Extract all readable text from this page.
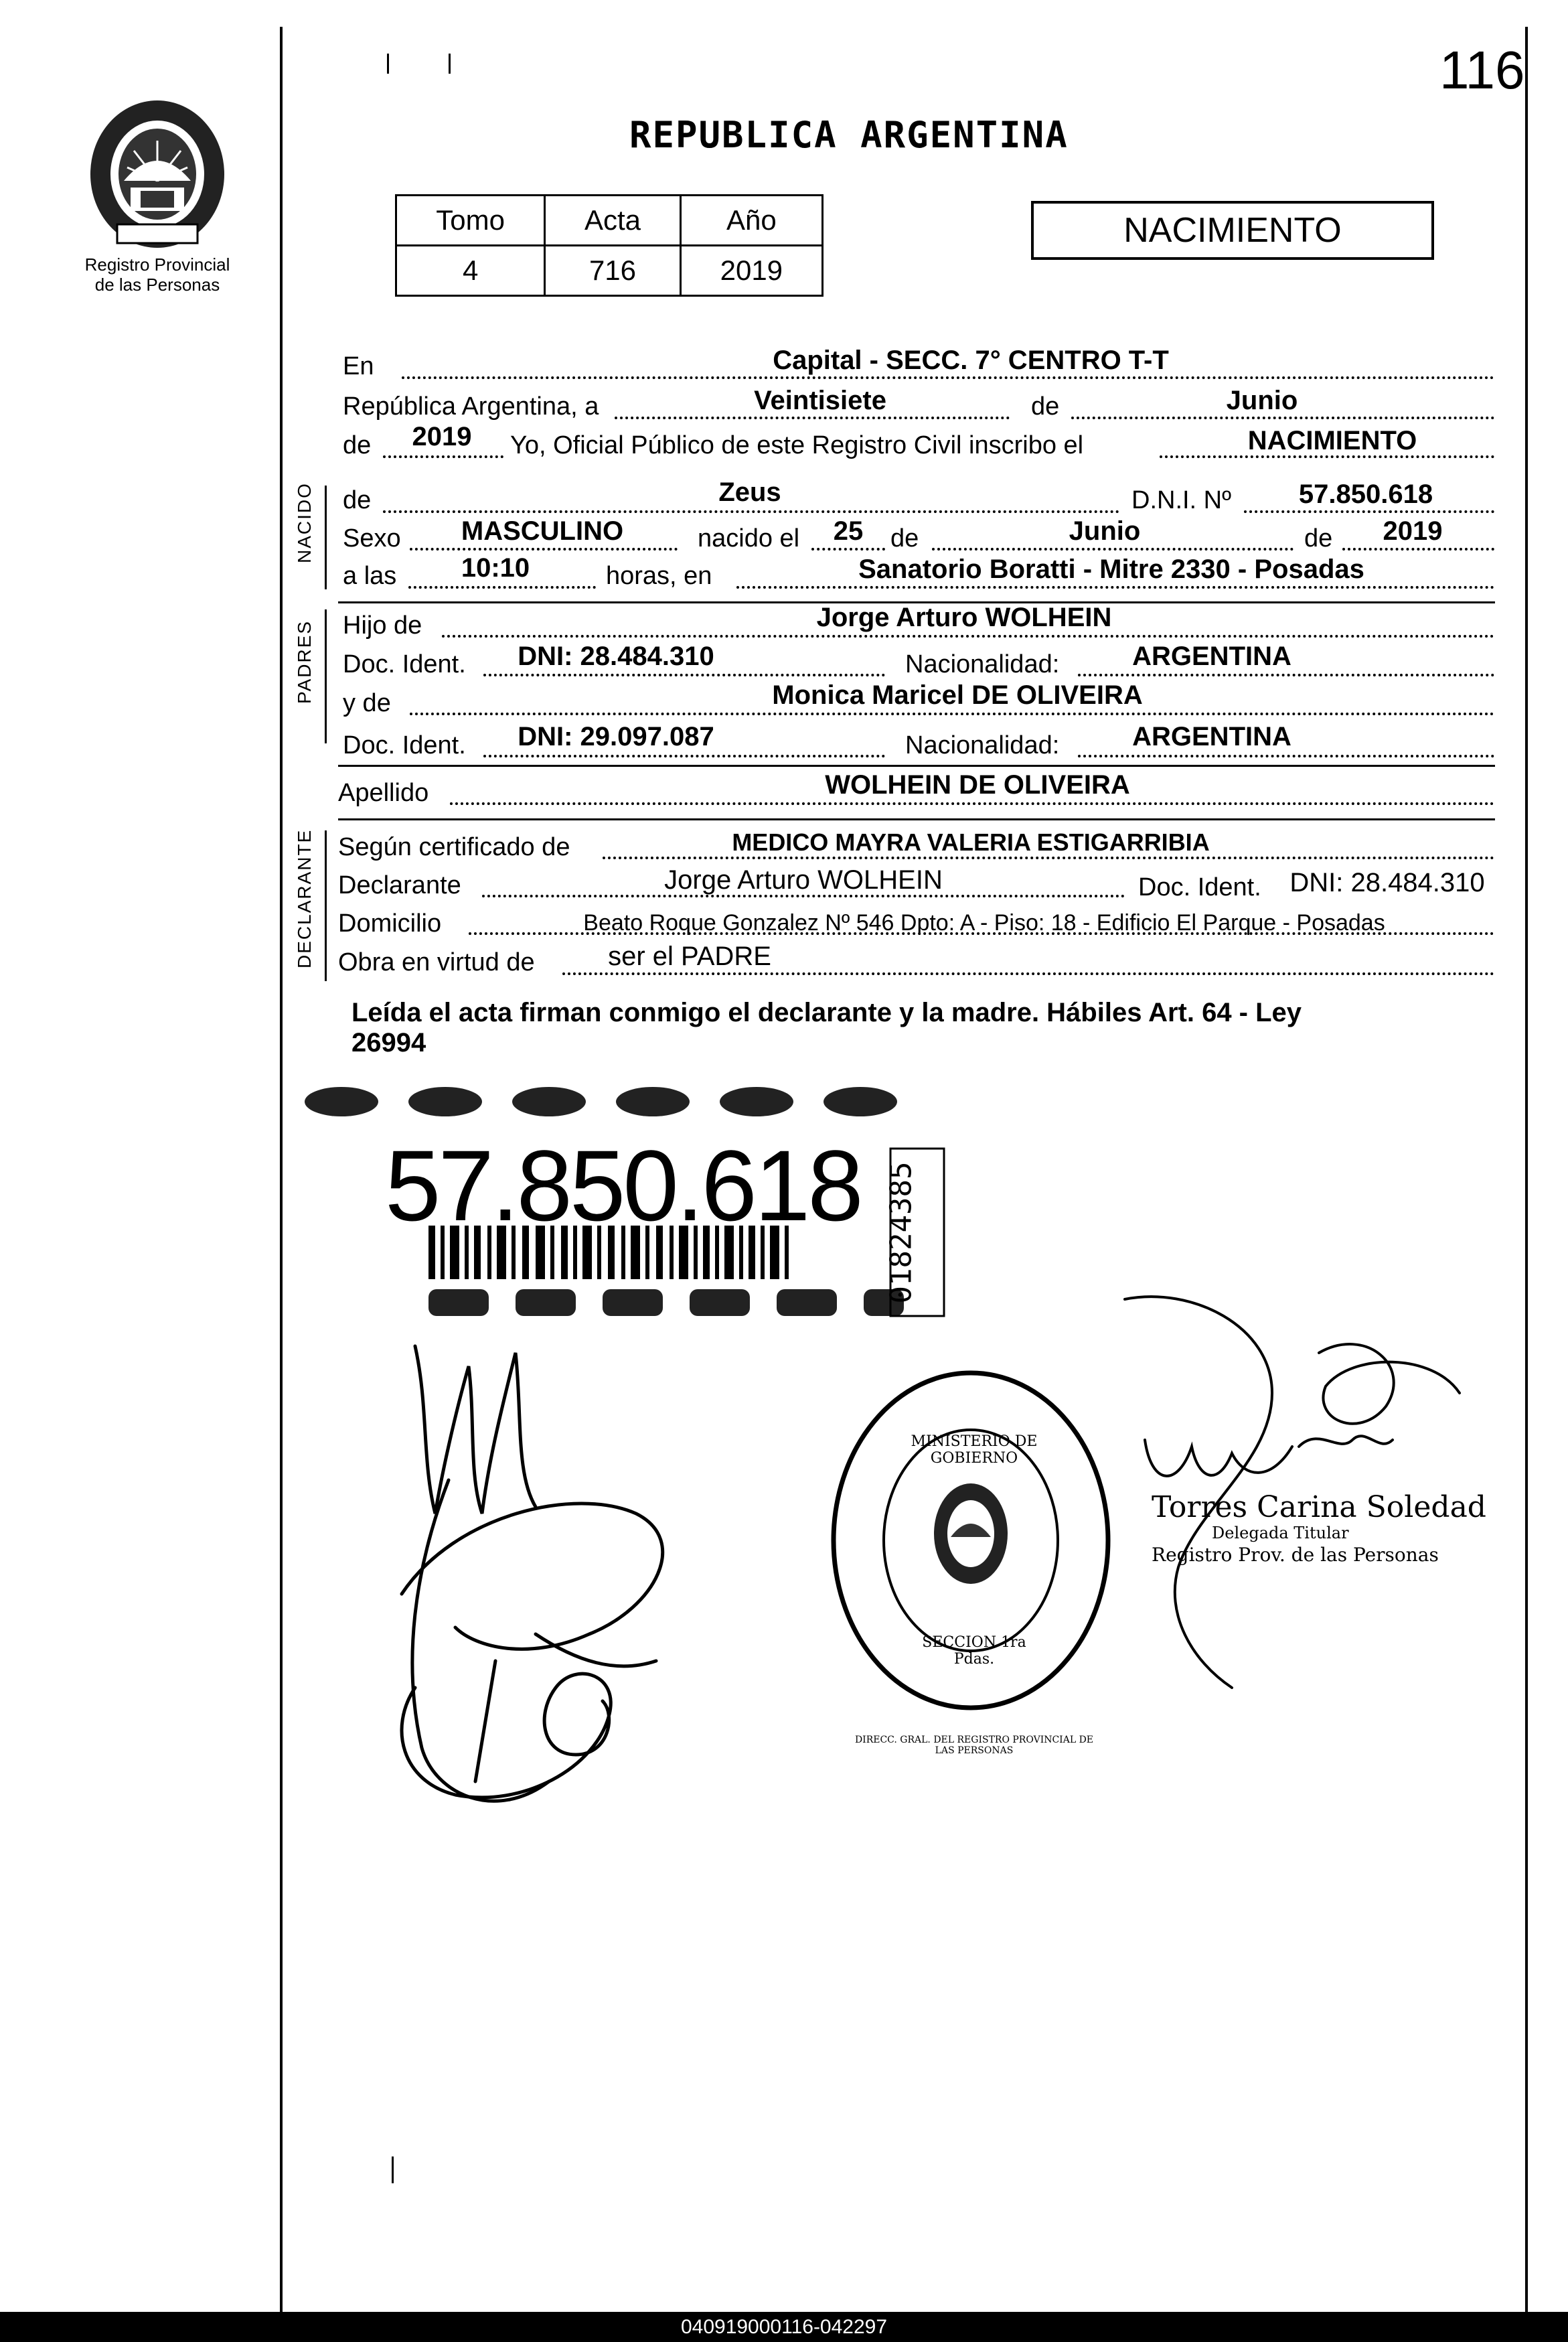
116
Registro Provincial
de las Personas
REPUBLICA ARGENTINA
Tomo	Acta	Año
4	716	2019
NACIMIENTO
En	Capital - SECC. 7° CENTRO T-T
República Argentina, a	Veintisiete	de	Junio
de	2019	Yo, Oficial Público de este Registro Civil inscribo el	NACIMIENTO
NACIDO de	Zeus	D.N.I. Nº	57.850.618
Sexo	MASCULINO	nacido el	25	de	Junio	de	2019
a las	10:10	horas, en	Sanatorio Boratti - Mitre 2330 - Posadas
PADRES Hijo de	Jorge Arturo WOLHEIN
Doc. Ident.	DNI: 28.484.310	Nacionalidad:	ARGENTINA
y de	Monica Maricel DE OLIVEIRA
Doc. Ident.	DNI: 29.097.087	Nacionalidad:	ARGENTINA
Apellido	WOLHEIN DE OLIVEIRA
DECLARANTE Según certificado de	MEDICO MAYRA VALERIA ESTIGARRIBIA
Declarante	Jorge Arturo WOLHEIN	Doc. Ident.	DNI: 28.484.310
Domicilio	Beato Roque Gonzalez Nº 546 Dpto: A - Piso: 18 - Edificio El Parque - Posadas
Obra en virtud de	ser el PADRE
Leída el acta firman conmigo el declarante y la madre. Hábiles Art. 64 - Ley
26994
57.850.618 01824385
DIRECC. GRAL. DEL REGISTRO PROVINCIAL DE LAS PERSONAS
MINISTERIO DE GOBIERNO
SECCION 1ra Pdas.
Torres Carina Soledad
Delegada Titular
Registro Prov. de las Personas
040919000116-042297
